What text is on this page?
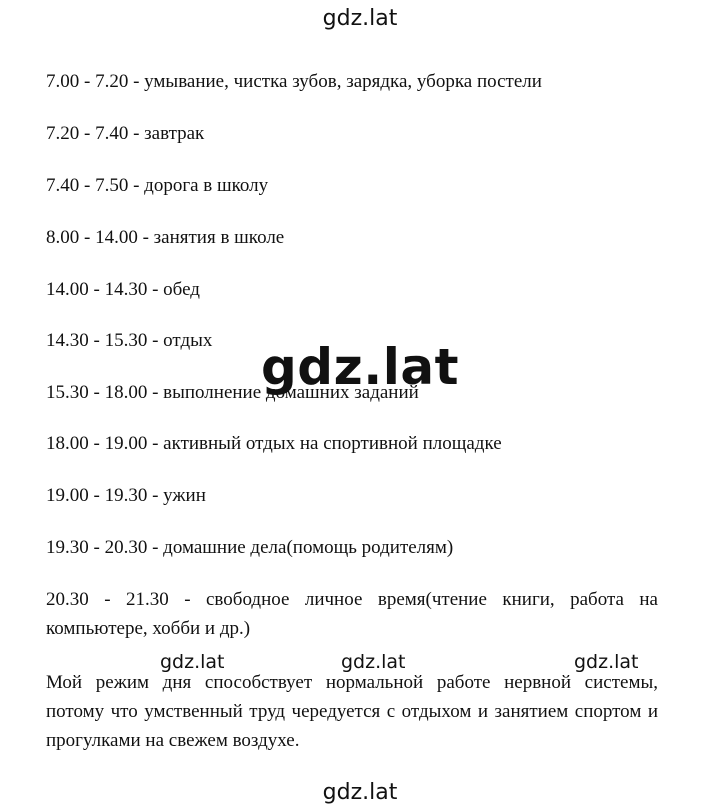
gdz.lat
7.00 - 7.20 - умывание, чистка зубов, зарядка, уборка постели
7.20 - 7.40 - завтрак
7.40 - 7.50 - дорога в школу
8.00 - 14.00 - занятия в школе
14.00 - 14.30 - обед
14.30 - 15.30 - отдых
15.30 - 18.00 - выполнение домашних заданий
18.00 - 19.00 - активный отдых на спортивной площадке
19.00 - 19.30 - ужин
19.30 - 20.30 - домашние дела(помощь родителям)
20.30 - 21.30 - свободное личное время(чтение книги, работа на компьютере, хобби и др.)
Мой режим дня способствует нормальной работе нервной системы, потому что умственный труд чередуется с отдыхом и занятием спортом и прогулками на свежем воздухе.
gdz.lat
gdz.lat	gdz.lat	gdz.lat
gdz.lat
